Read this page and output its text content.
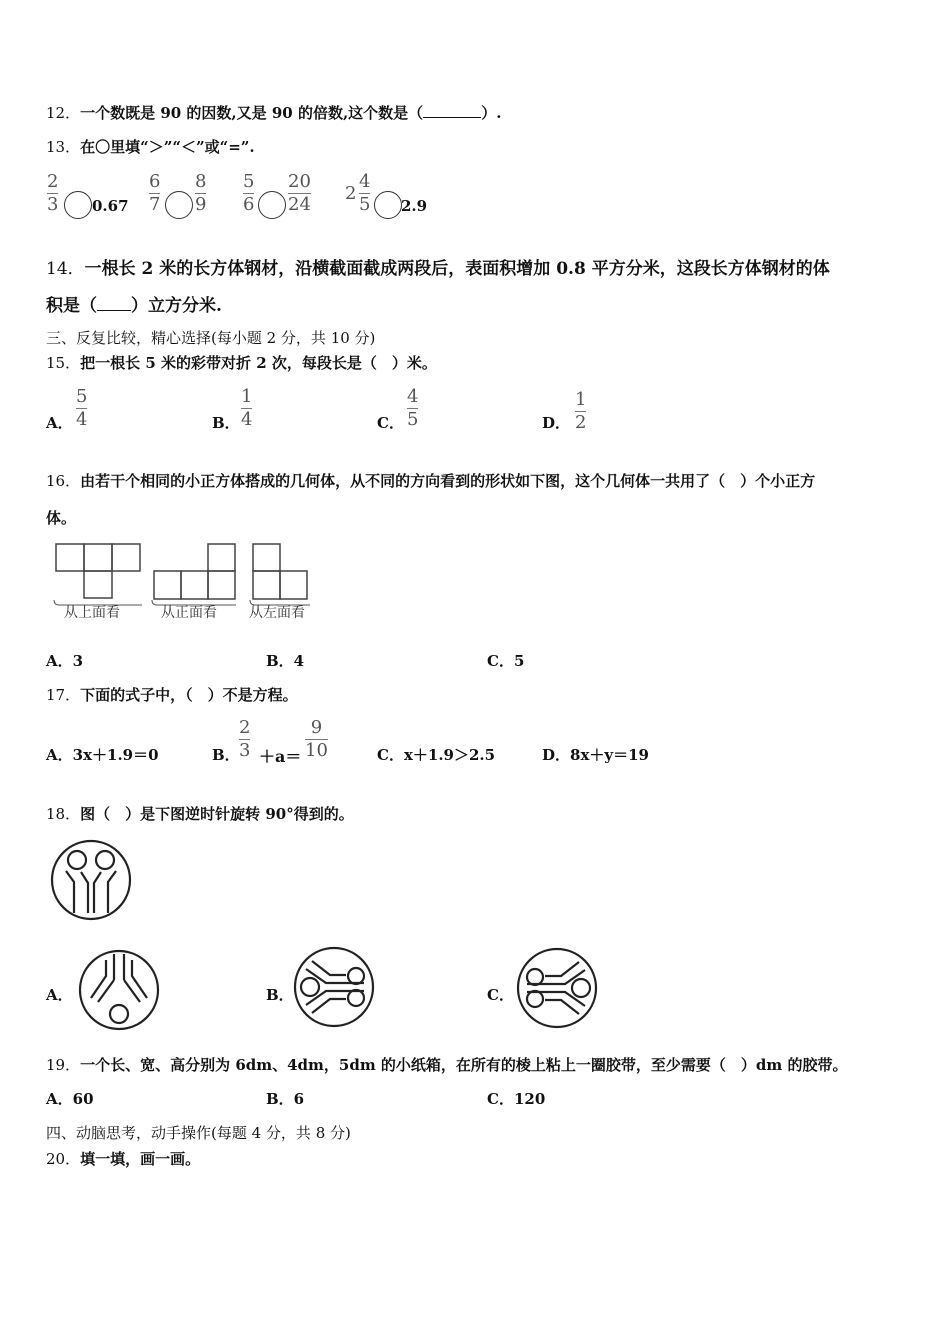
12．一个数既是 90 的因数,又是 90 的倍数,这个数是（	）.
13．在〇里填“＞”“＜”或“=”.
2
3 0.67
6
7
8
9
5
6
20
24
2
4
5 2.9
14．一根长 2 米的长方体钢材，沿横截面截成两段后，表面积增加 0.8 平方分米，这段长方体钢材的体
积是（ ）立方分米.
三、反复比较，精心选择(每小题 2 分，共 10 分)
15．把一根长 5 米的彩带对折 2 次，每段长是（　）米。
A．
5
4	B．
1
4	C．
4
5	D．
1
2
16．由若干个相同的小正方体搭成的几何体，从不同的方向看到的形状如下图，这个几何体一共用了（　）个小正方
体。
从上面看	从正面看 从左面看
A．3	B．4	C．5
17．下面的式子中，（　）不是方程。
A．3x＋1.9＝0	B．
2
3 ＋a＝
9
10	C．x＋1.9＞2.5	D．8x＋y＝19
18．图（　）是下图逆时针旋转 90°得到的。
A．	B．	C．
19．一个长、宽、高分别为 6dm、4dm，5dm 的小纸箱，在所有的棱上粘上一圈胶带，至少需要（　）dm 的胶带。
A．60	B．6	C．120
四、动脑思考，动手操作(每题 4 分，共 8 分)
20．填一填，画一画。
